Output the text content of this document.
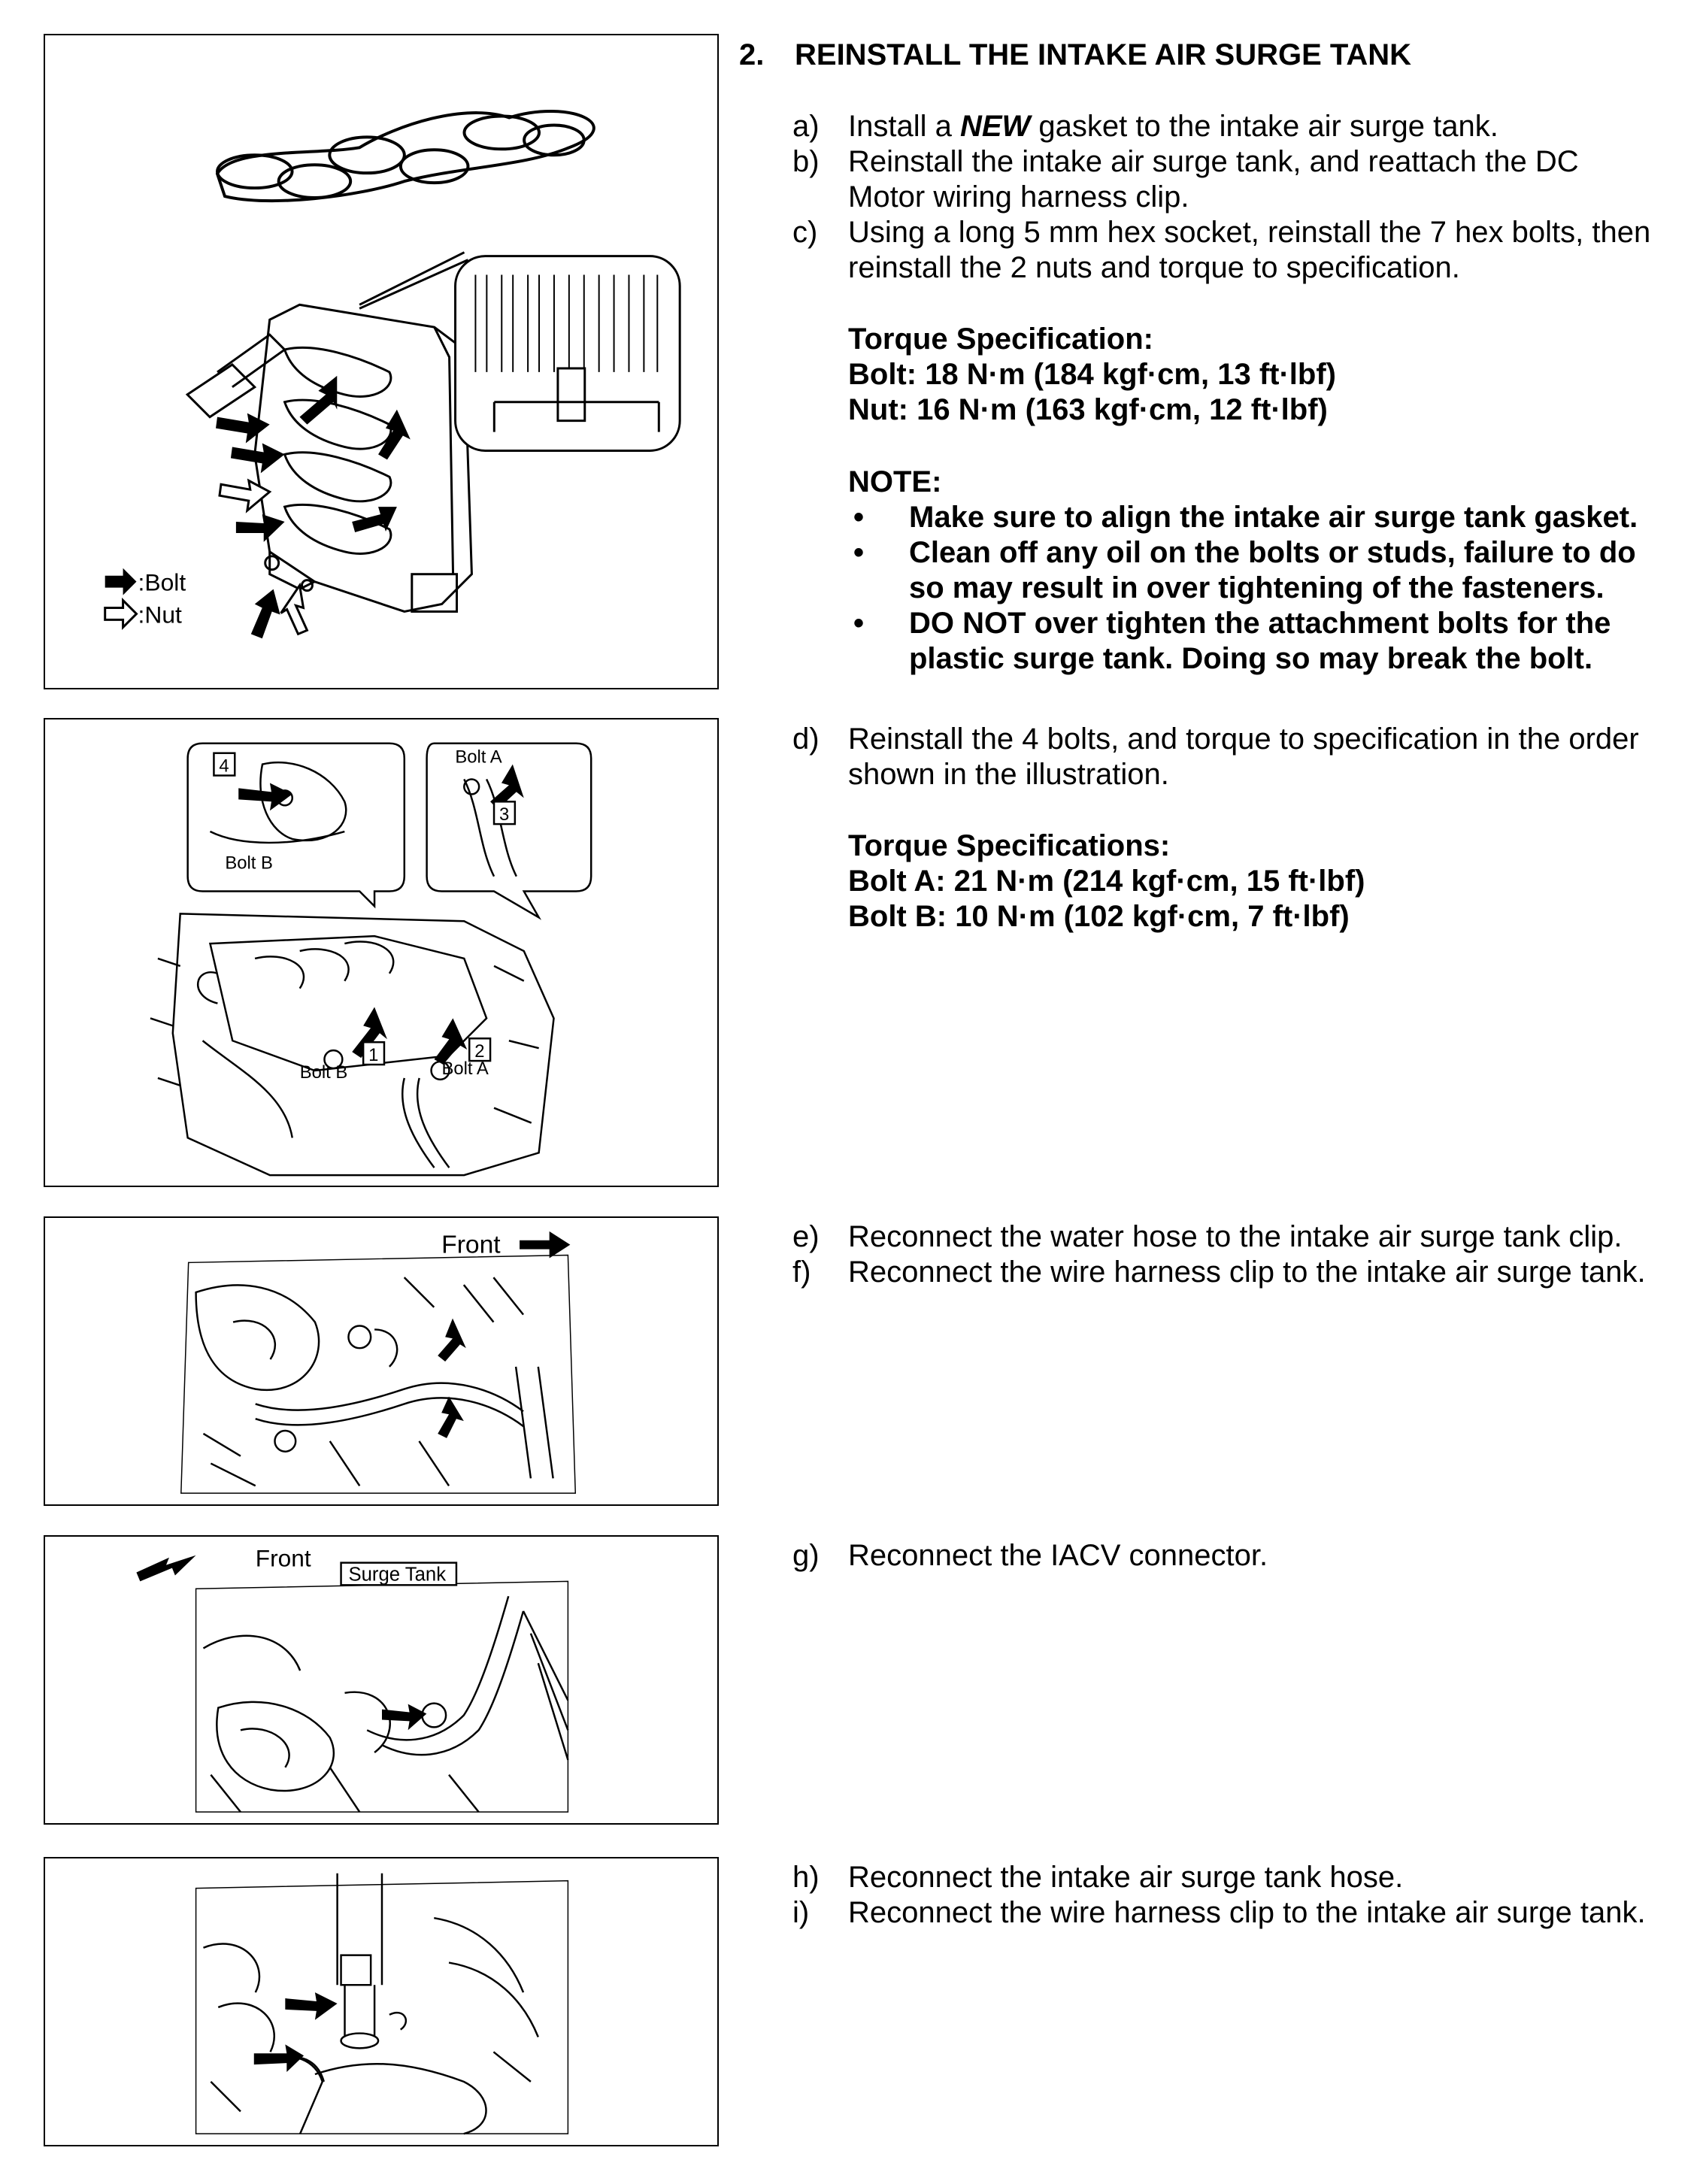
:Bolt
:Nut
4
3
1	2
Bolt B
Bolt A
Bolt B	Bolt A
Front
Front
Surge Tank
2. REINSTALL THE INTAKE AIR SURGE TANK
a) Install a NEW gasket to the intake air surge tank.
b) Reinstall the intake air surge tank, and reattach the DC Motor wiring harness clip.
c) Using a long 5 mm hex socket, reinstall the 7 hex bolts, then reinstall the 2 nuts and torque to specification.
Torque Specification:
Bolt: 18 N·m (184 kgf·cm, 13 ft·lbf)
Nut: 16 N·m (163 kgf·cm, 12 ft·lbf)
NOTE:
• Make sure to align the intake air surge tank gasket.
• Clean off any oil on the bolts or studs, failure to do so may result in over tightening of the fasteners.
• DO NOT over tighten the attachment bolts for the plastic surge tank. Doing so may break the bolt.
d) Reinstall the 4 bolts, and torque to specification in the order shown in the illustration.
Torque Specifications:
Bolt A: 21 N·m (214 kgf·cm, 15 ft·lbf)
Bolt B: 10 N·m (102 kgf·cm, 7 ft·lbf)
e) Reconnect the water hose to the intake air surge tank clip.
f) Reconnect the wire harness clip to the intake air surge tank.
g) Reconnect the IACV connector.
h) Reconnect the intake air surge tank hose.
i) Reconnect the wire harness clip to the intake air surge tank.
